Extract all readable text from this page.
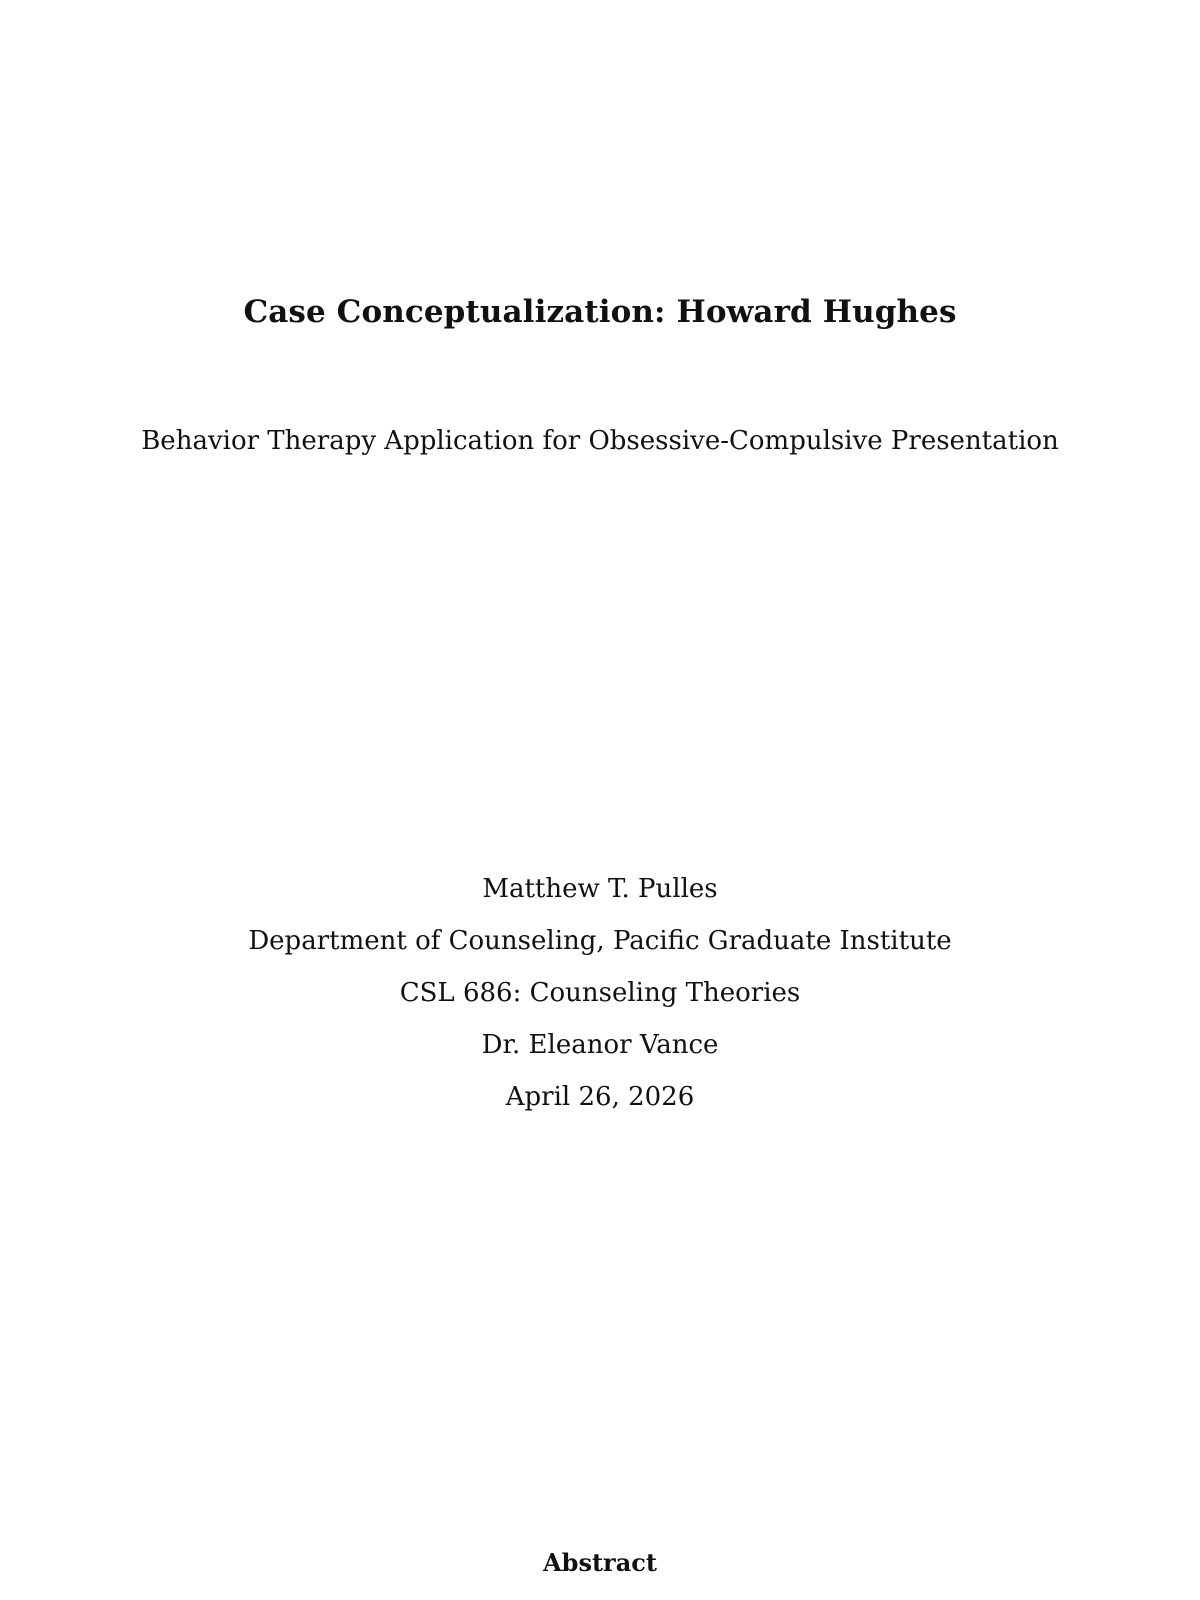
Case Conceptualization: Howard Hughes
Behavior Therapy Application for Obsessive-Compulsive Presentation
Matthew T. Pulles
Department of Counseling, Pacific Graduate Institute
CSL 686: Counseling Theories
Dr. Eleanor Vance
April 26, 2026
Abstract
